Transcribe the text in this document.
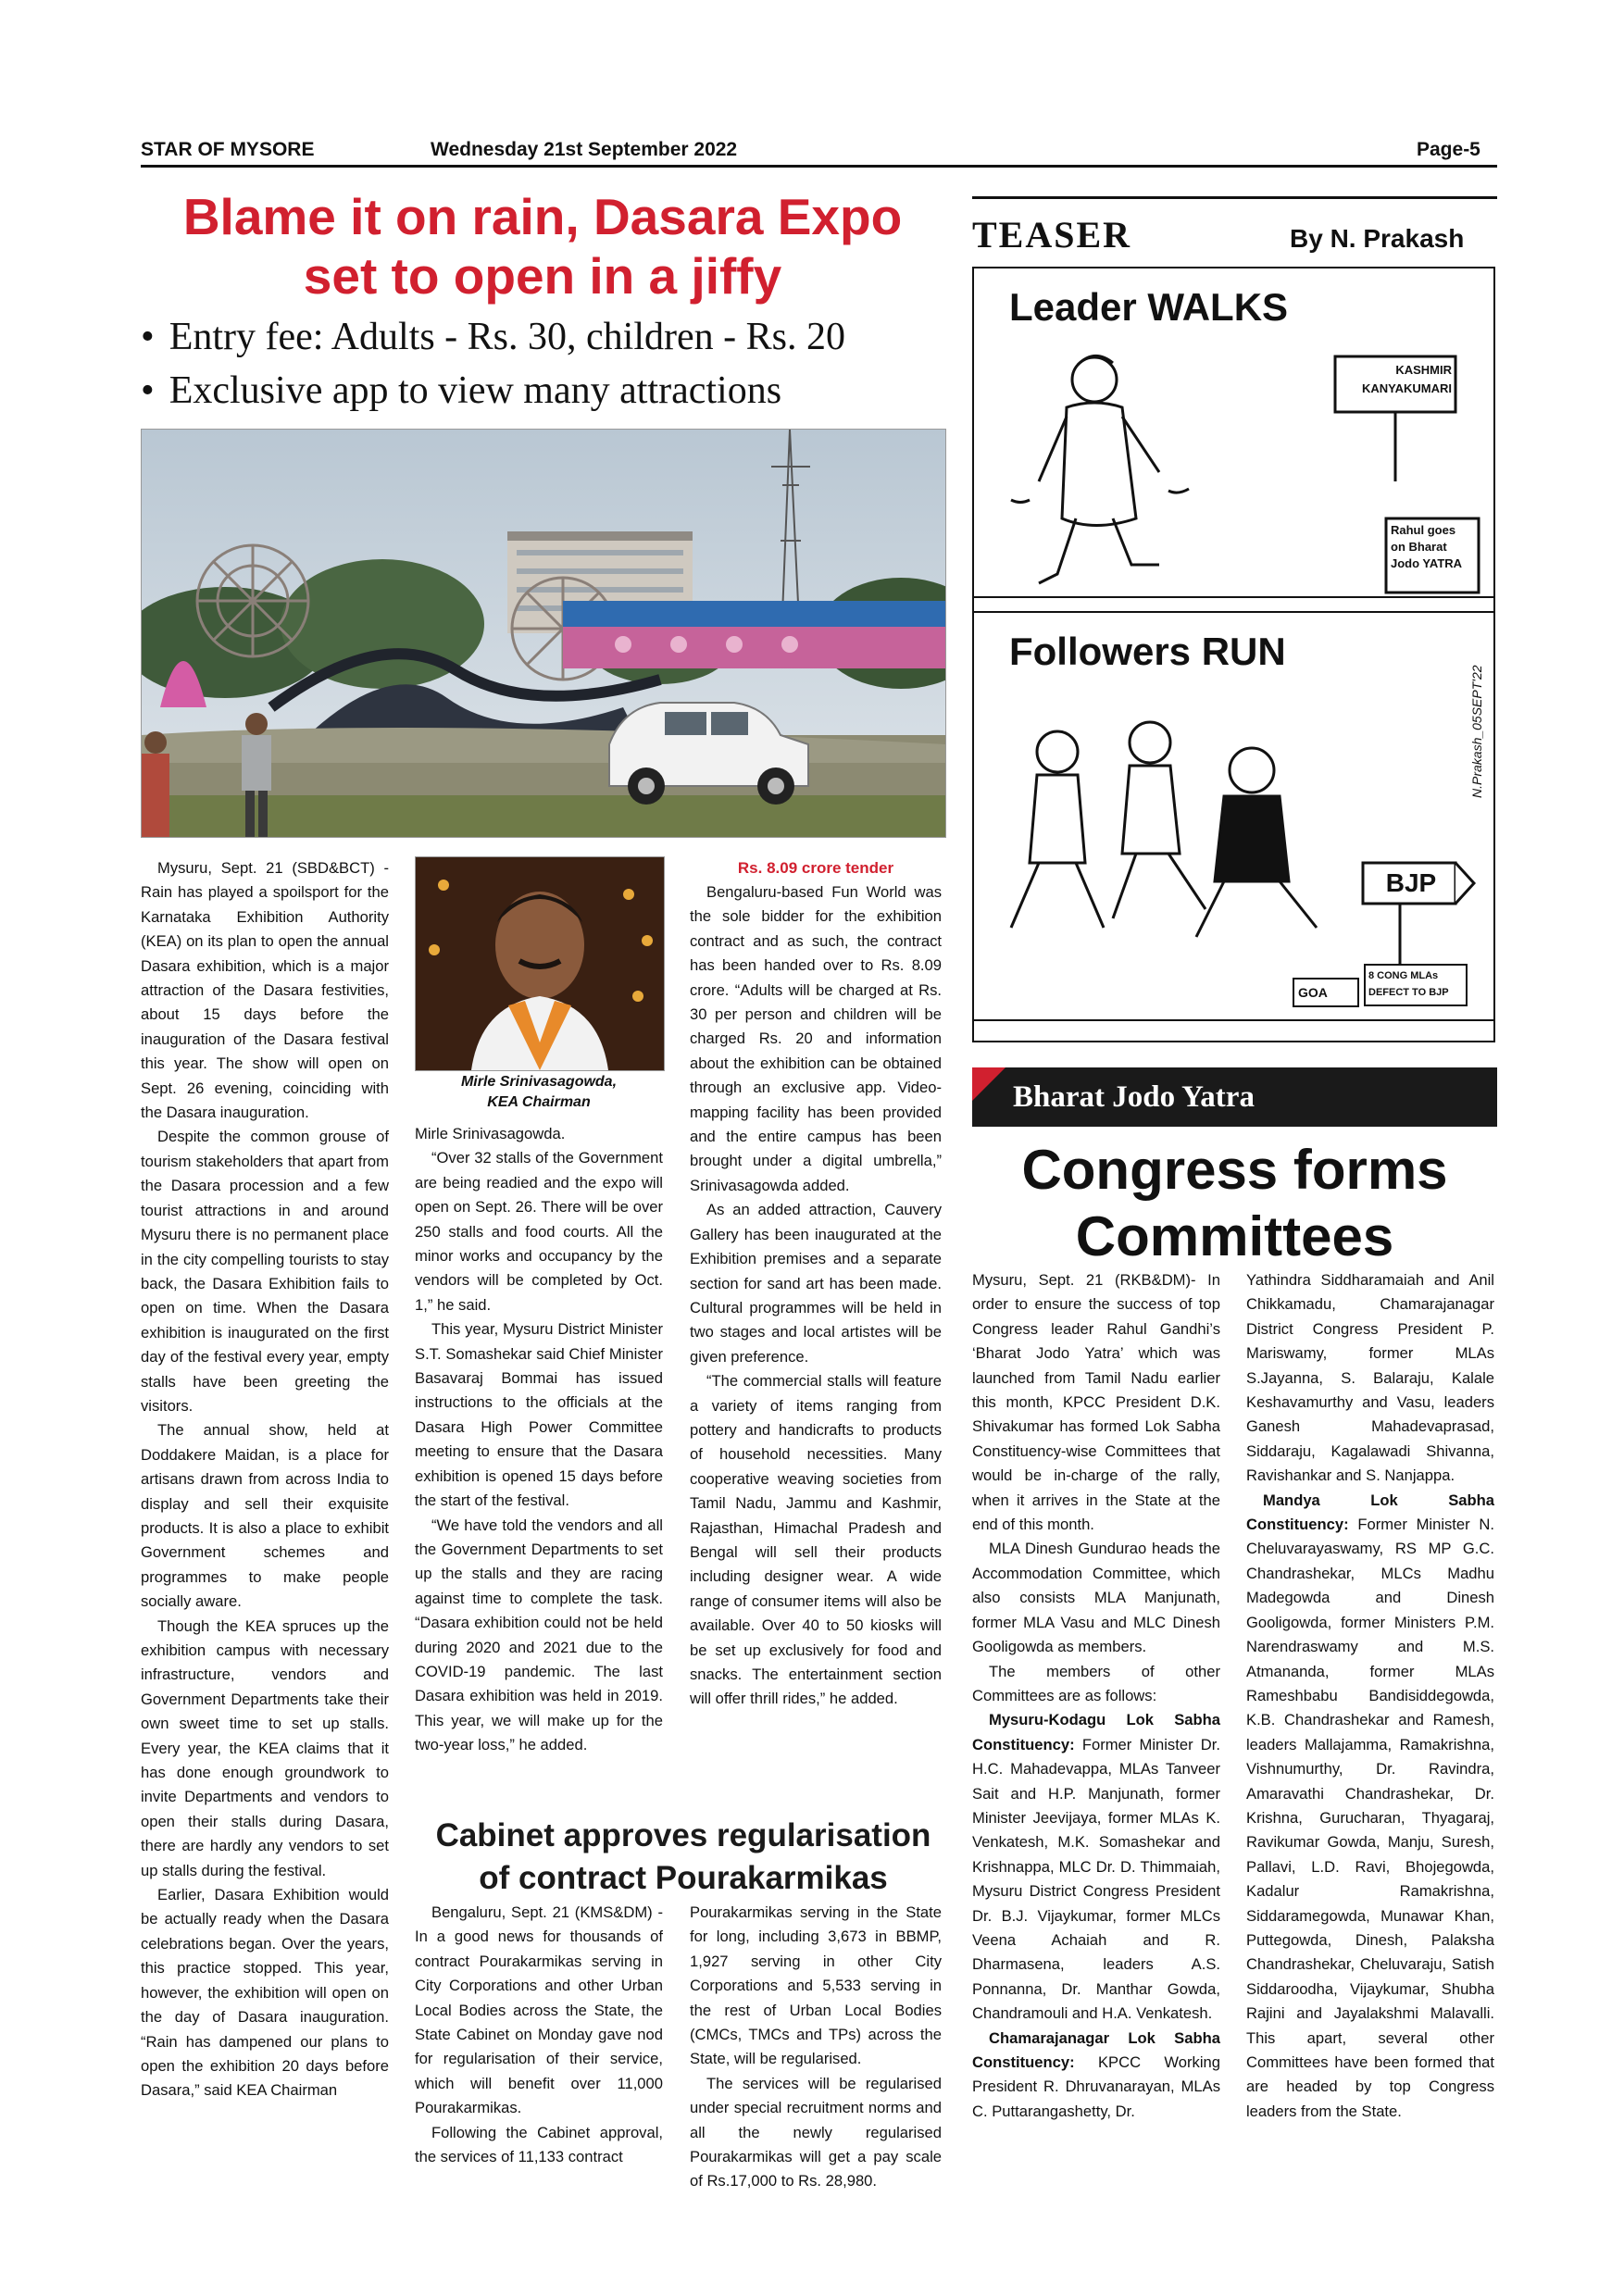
STAR OF MYSORE	Wednesday 21st September 2022	Page-5
Blame it on rain, Dasara Expo
set to open in a jiffy
• Entry fee: Adults - Rs. 30, children - Rs. 20
• Exclusive app to view many attractions

Mysuru, Sept. 21 (SBD&BCT) - Rain has played a spoilsport for the Karnataka Exhibition Authority (KEA) on its plan to open the annual Dasara exhibition, which is a major attraction of the Dasara festivities, about 15 days before the inauguration of the Dasara festival this year. The show will open on Sept. 26 evening, coinciding with the Dasara inauguration.

Despite the common grouse of tourism stakeholders that apart from the Dasara procession and a few tourist attractions in and around Mysuru there is no permanent place in the city compelling tourists to stay back, the Dasara Exhibition fails to open on time. When the Dasara exhibition is inaugurated on the first day of the festival every year, empty stalls have been greeting the visitors.

The annual show, held at Doddakere Maidan, is a place for artisans drawn from across India to display and sell their exquisite products. It is also a place to exhibit Government schemes and programmes to make people socially aware.

Though the KEA spruces up the exhibition campus with necessary infrastructure, vendors and Government Departments take their own sweet time to set up stalls. Every year, the KEA claims that it has done enough groundwork to invite Departments and vendors to open their stalls during Dasara, there are hardly any vendors to set up stalls during the festival.

Earlier, Dasara Exhibition would be actually ready when the Dasara celebrations began. Over the years, this practice stopped. This year, however, the exhibition will open on the day of Dasara inauguration. “Rain has dampened our plans to open the exhibition 20 days before Dasara,” said KEA Chairman

Mirle Srinivasagowda,
KEA Chairman

Mirle Srinivasagowda.

“Over 32 stalls of the Government are being readied and the expo will open on Sept. 26. There will be over 250 stalls and food courts. All the minor works and occupancy by the vendors will be completed by Oct. 1,” he said.

This year, Mysuru District Minister S.T. Somashekar said Chief Minister Basavaraj Bommai has issued instructions to the officials at the Dasara High Power Committee meeting to ensure that the Dasara exhibition is opened 15 days before the start of the festival.

“We have told the vendors and all the Government Departments to set up the stalls and they are racing against time to complete the task. “Dasara exhibition could not be held during 2020 and 2021 due to the COVID-19 pandemic. The last Dasara exhibition was held in 2019. This year, we will make up for the two-year loss,” he added.

Rs. 8.09 crore tender

Bengaluru-based Fun World was the sole bidder for the exhibition contract and as such, the contract has been handed over to Rs. 8.09 crore. “Adults will be charged at Rs. 30 per person and children will be charged Rs. 20 and information about the exhibition can be obtained through an exclusive app. Video-mapping facility has been provided and the entire campus has been brought under a digital umbrella,” Srinivasagowda added.

As an added attraction, Cauvery Gallery has been inaugurated at the Exhibition premises and a separate section for sand art has been made. Cultural programmes will be held in two stages and local artistes will be given preference.

“The commercial stalls will feature a variety of items ranging from pottery and handicrafts to products of household necessities. Many cooperative weaving societies from Tamil Nadu, Jammu and Kashmir, Rajasthan, Himachal Pradesh and Bengal will sell their products including designer wear. A wide range of consumer items will also be available. Over 40 to 50 kiosks will be set up exclusively for food and snacks. The entertainment section will offer thrill rides,” he added.

Cabinet approves regularisation
of contract Pourakarmikas

Bengaluru, Sept. 21 (KMS&DM) - In a good news for thousands of contract Pourakarmikas serving in City Corporations and other Urban Local Bodies across the State, the State Cabinet on Monday gave nod for regularisation of their service, which will benefit over 11,000 Pourakarmikas.

Following the Cabinet approval, the services of 11,133 contract

Pourakarmikas serving in the State for long, including 3,673 in BBMP, 1,927 serving in other City Corporations and 5,533 serving in the rest of Urban Local Bodies (CMCs, TMCs and TPs) across the State, will be regularised.

The services will be regularised under special recruitment norms and all the newly regularised Pourakarmikas will get a pay scale of Rs.17,000 to Rs. 28,980.

TEASER	By N. Prakash
Leader WALKS
KASHMIR
KANYAKUMARI
Rahul goes
on Bharat
Jodo YATRA
Followers RUN
BJP
8 CONG MLAs
DEFECT TO BJP
GOA
N.Prakash_05SEPT'22
Bharat Jodo Yatra
Congress forms
Committees

Mysuru, Sept. 21 (RKB&DM)- In order to ensure the success of top Congress leader Rahul Gandhi’s ‘Bharat Jodo Yatra’ which was launched from Tamil Nadu earlier this month, KPCC President D.K. Shivakumar has formed Lok Sabha Constituency-wise Committees that would be in-charge of the rally, when it arrives in the State at the end of this month.

MLA Dinesh Gundurao heads the Accommodation Committee, which also consists MLA Manjunath, former MLA Vasu and MLC Dinesh Gooligowda as members.

The members of other Committees are as follows:

Mysuru-Kodagu Lok Sabha Constituency: Former Minister Dr. H.C. Mahadevappa, MLAs Tanveer Sait and H.P. Manjunath, former Minister Jeevijaya, former MLAs K. Venkatesh, M.K. Somashekar and Krishnappa, MLC Dr. D. Thimmaiah, Mysuru District Congress President Dr. B.J. Vijaykumar, former MLCs Veena Achaiah and R. Dharmasena, leaders A.S. Ponnanna, Dr. Manthar Gowda, Chandramouli and H.A. Venkatesh.

Chamarajanagar Lok Sabha Constituency: KPCC Working President R. Dhruvanarayan, MLAs C. Puttarangashetty, Dr.

Yathindra Siddharamaiah and Anil Chikkamadu, Chamarajanagar District Congress President P. Mariswamy, former MLAs S.Jayanna, S. Balaraju, Kalale Keshavamurthy and Vasu, leaders Ganesh Mahadevaprasad, Siddaraju, Kagalawadi Shivanna, Ravishankar and S. Nanjappa.

Mandya Lok Sabha Constituency: Former Minister N. Cheluvarayaswamy, RS MP G.C. Chandrashekar, MLCs Madhu Madegowda and Dinesh Gooligowda, former Ministers P.M. Narendraswamy and M.S. Atmananda, former MLAs Rameshbabu Bandisiddegowda, K.B. Chandrashekar and Ramesh, leaders Mallajamma, Ramakrishna, Vishnumurthy, Dr. Ravindra, Amaravathi Chandrashekar, Dr. Krishna, Gurucharan, Thyagaraj, Ravikumar Gowda, Manju, Suresh, Pallavi, L.D. Ravi, Bhojegowda, Kadalur Ramakrishna, Siddaramegowda, Munawar Khan, Puttegowda, Dinesh, Palaksha Chandrashekar, Cheluvaraju, Satish Siddaroodha, Vijaykumar, Shubha Rajini and Jayalakshmi Malavalli. This apart, several other Committees have been formed that are headed by top Congress leaders from the State.
